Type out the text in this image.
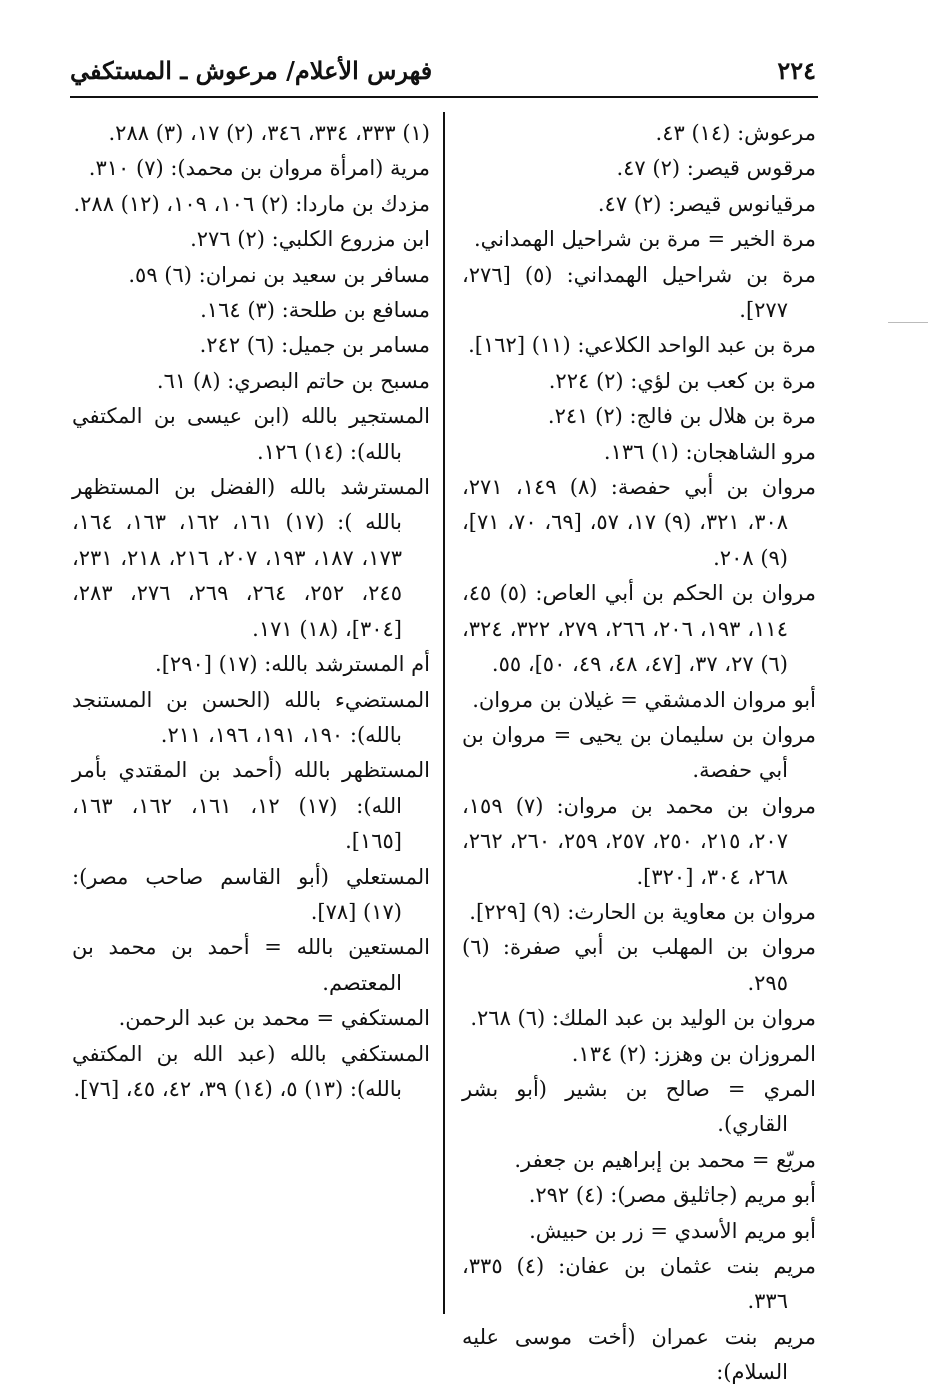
٢٢٤
فهرس الأعلام/ مرعوش ـ المستكفي

مرعوش: (١٤) ٤٣.

مرقوس قيصر: (٢) ٤٧.

مرقيانوس قيصر: (٢) ٤٧.

مرة الخير = مرة بن شراحيل الهمداني.

مرة بن شراحيل الهمداني: (٥) [٢٧٦، ٢٧٧].

مرة بن عبد الواحد الكلاعي: (١١) [١٦٢].

مرة بن كعب بن لؤي: (٢) ٢٢٤.

مرة بن هلال بن فالج: (٢) ٢٤١.

مرو الشاهجان: (١) ١٣٦.

مروان بن أبي حفصة: (٨) ١٤٩، ٢٧١، ٣٠٨، ٣٢١، (٩) ١٧، ٥٧، [٦٩، ٧٠، ٧١]، (٩) ٢٠٨.

مروان بن الحكم بن أبي العاص: (٥) ٤٥، ١١٤، ١٩٣، ٢٠٦، ٢٦٦، ٢٧٩، ٣٢٢، ٣٢٤، (٦) ٢٧، ٣٧، [٤٧، ٤٨، ٤٩، ٥٠]، ٥٥.

أبو مروان الدمشقي = غيلان بن مروان.

مروان بن سليمان بن يحيى = مروان بن أبي حفصة.

مروان بن محمد بن مروان: (٧) ١٥٩، ٢٠٧، ٢١٥، ٢٥٠، ٢٥٧، ٢٥٩، ٢٦٠، ٢٦٢، ٢٦٨، ٣٠٤، [٣٢٠].

مروان بن معاوية بن الحارث: (٩) [٢٢٩].

مروان بن المهلب بن أبي صفرة: (٦) ٢٩٥.

مروان بن الوليد بن عبد الملك: (٦) ٢٦٨.

المروزان بن وهزز: (٢) ١٣٤.

المري = صالح بن بشير (أبو بشر القاري).

مريّع = محمد بن إبراهيم بن جعفر.

أبو مريم (جاثليق مصر): (٤) ٢٩٢.

أبو مريم الأسدي = زر بن حبيش.

مريم بنت عثمان بن عفان: (٤) ٣٣٥، ٣٣٦.

مريم بنت عمران (أخت موسى عليه السلام):

(١) ٣٣٣، ٣٣٤، ٣٤٦، (٢) ١٧، (٣) ٢٨٨.

مرية (امرأة مروان بن محمد): (٧) ٣١٠.

مزدك بن ماردا: (٢) ١٠٦، ١٠٩، (١٢) ٢٨٨.

ابن مزروع الكلبي: (٢) ٢٧٦.

مسافر بن سعيد بن نمران: (٦) ٥٩.

مسافع بن طلحة: (٣) ١٦٤.

مسامر بن جميل: (٦) ٢٤٢.

مسبح بن حاتم البصري: (٨) ٦١.

المستجير بالله (ابن عيسى بن المكتفي بالله): (١٤) ١٢٦.

المسترشد بالله (الفضل بن المستظهر بالله ): (١٧) ١٦١، ١٦٢، ١٦٣، ١٦٤، ١٧٣، ١٨٧، ١٩٣، ٢٠٧، ٢١٦، ٢١٨، ٢٣١، ٢٤٥، ٢٥٢، ٢٦٤، ٢٦٩، ٢٧٦، ٢٨٣، [٣٠٤]، (١٨) ١٧١.

أم المسترشد بالله: (١٧) [٢٩٠].

المستضيء بالله (الحسن بن المستنجد بالله): ١٩٠، ١٩١، ١٩٦، ٢١١.

المستظهر بالله (أحمد بن المقتدي بأمر الله): (١٧) ١٢، ١٦١، ١٦٢، ١٦٣، [١٦٥].

المستعلي (أبو القاسم صاحب مصر): (١٧) [٧٨].

المستعين بالله = أحمد بن محمد بن المعتصم.

المستكفي = محمد بن عبد الرحمن.

المستكفي بالله (عبد الله بن المكتفي بالله): (١٣) ٥، (١٤) ٣٩، ٤٢، ٤٥، [٧٦].
